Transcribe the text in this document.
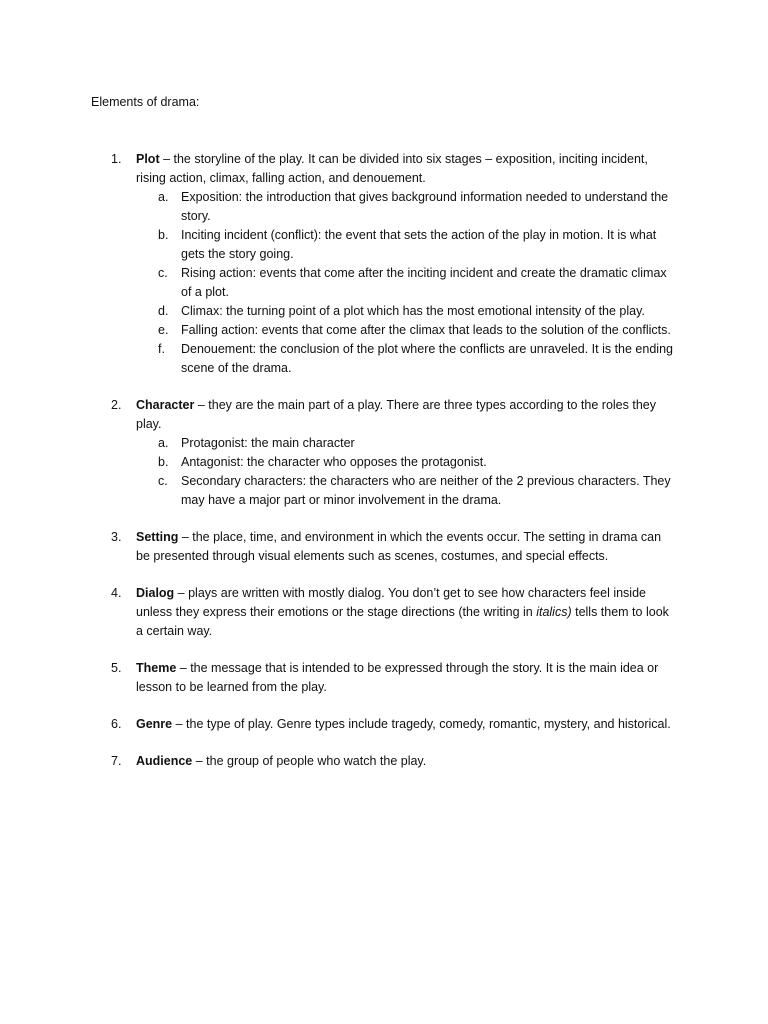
Elements of drama:
1. Plot – the storyline of the play. It can be divided into six stages – exposition, inciting incident, rising action, climax, falling action, and denouement.
a. Exposition: the introduction that gives background information needed to understand the story.
b. Inciting incident (conflict): the event that sets the action of the play in motion. It is what gets the story going.
c. Rising action: events that come after the inciting incident and create the dramatic climax of a plot.
d. Climax: the turning point of a plot which has the most emotional intensity of the play.
e. Falling action: events that come after the climax that leads to the solution of the conflicts.
f. Denouement: the conclusion of the plot where the conflicts are unraveled. It is the ending scene of the drama.
2. Character – they are the main part of a play. There are three types according to the roles they play.
a. Protagonist: the main character
b. Antagonist: the character who opposes the protagonist.
c. Secondary characters: the characters who are neither of the 2 previous characters. They may have a major part or minor involvement in the drama.
3. Setting – the place, time, and environment in which the events occur. The setting in drama can be presented through visual elements such as scenes, costumes, and special effects.
4. Dialog – plays are written with mostly dialog. You don’t get to see how characters feel inside unless they express their emotions or the stage directions (the writing in italics) tells them to look a certain way.
5. Theme – the message that is intended to be expressed through the story. It is the main idea or lesson to be learned from the play.
6. Genre – the type of play. Genre types include tragedy, comedy, romantic, mystery, and historical.
7. Audience – the group of people who watch the play.
